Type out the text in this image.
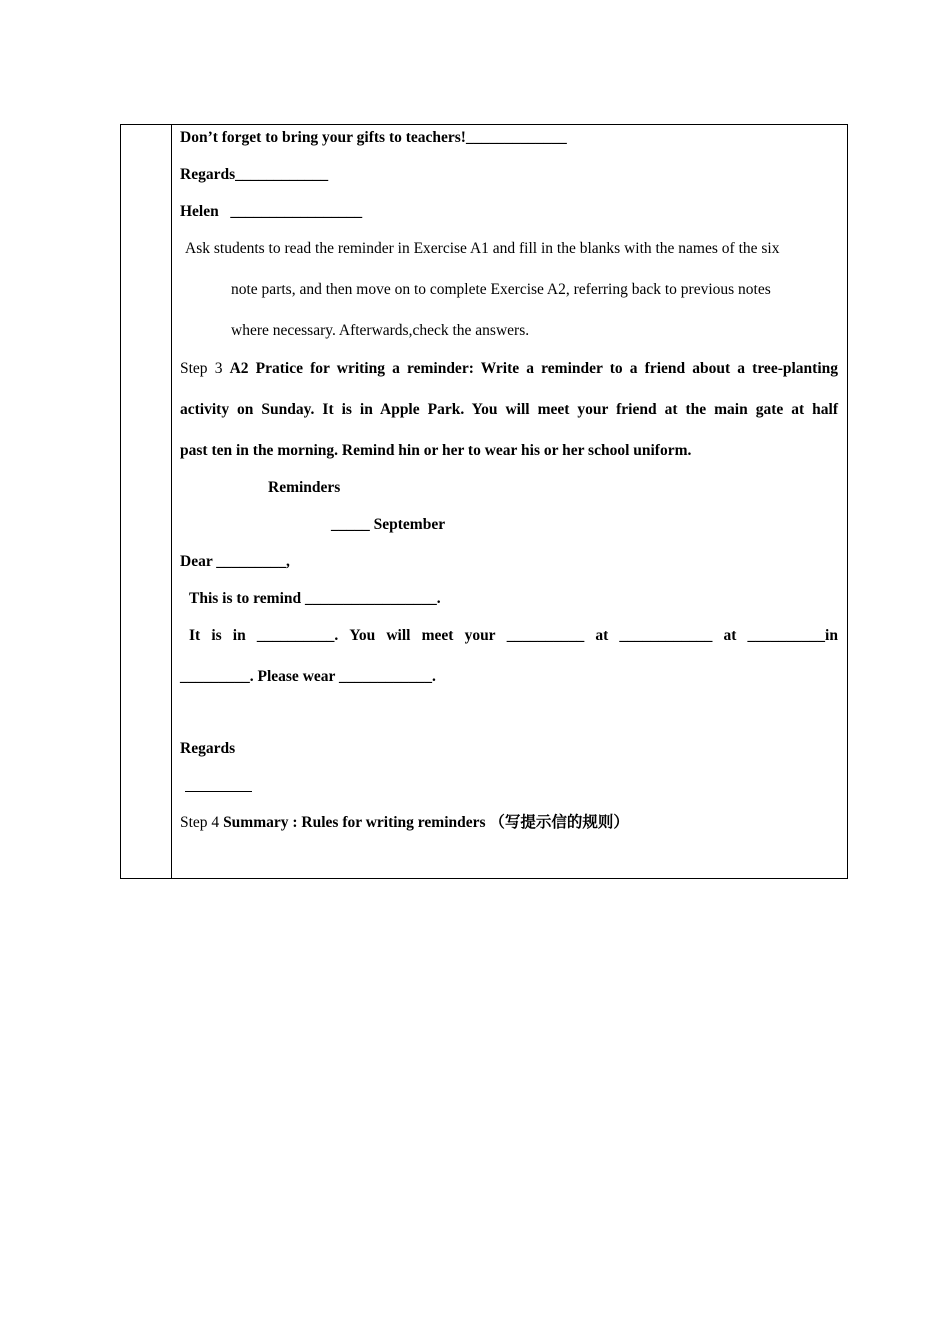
Don’t forget to bring your gifts to teachers!_____________
Regards____________
Helen   _________________
Ask students to read the reminder in Exercise A1 and fill in the blanks with the names of the six
note parts, and then move on to complete Exercise A2, referring back to previous notes
where necessary. Afterwards,check the answers.
Step 3 A2 Pratice for writing a reminder: Write a reminder to a friend about a tree-planting
activity on Sunday. It is in Apple Park. You will meet your friend at the main gate at half
past ten in the morning. Remind hin or her to wear his or her school uniform.
Reminders
_____ September
Dear _________,
This is to remind _________________.
It is in __________. You will meet your __________ at ____________ at __________in
_________. Please wear ____________.
Regards
Step 4 Summary : Rules for writing reminders （写提示信的规则）
